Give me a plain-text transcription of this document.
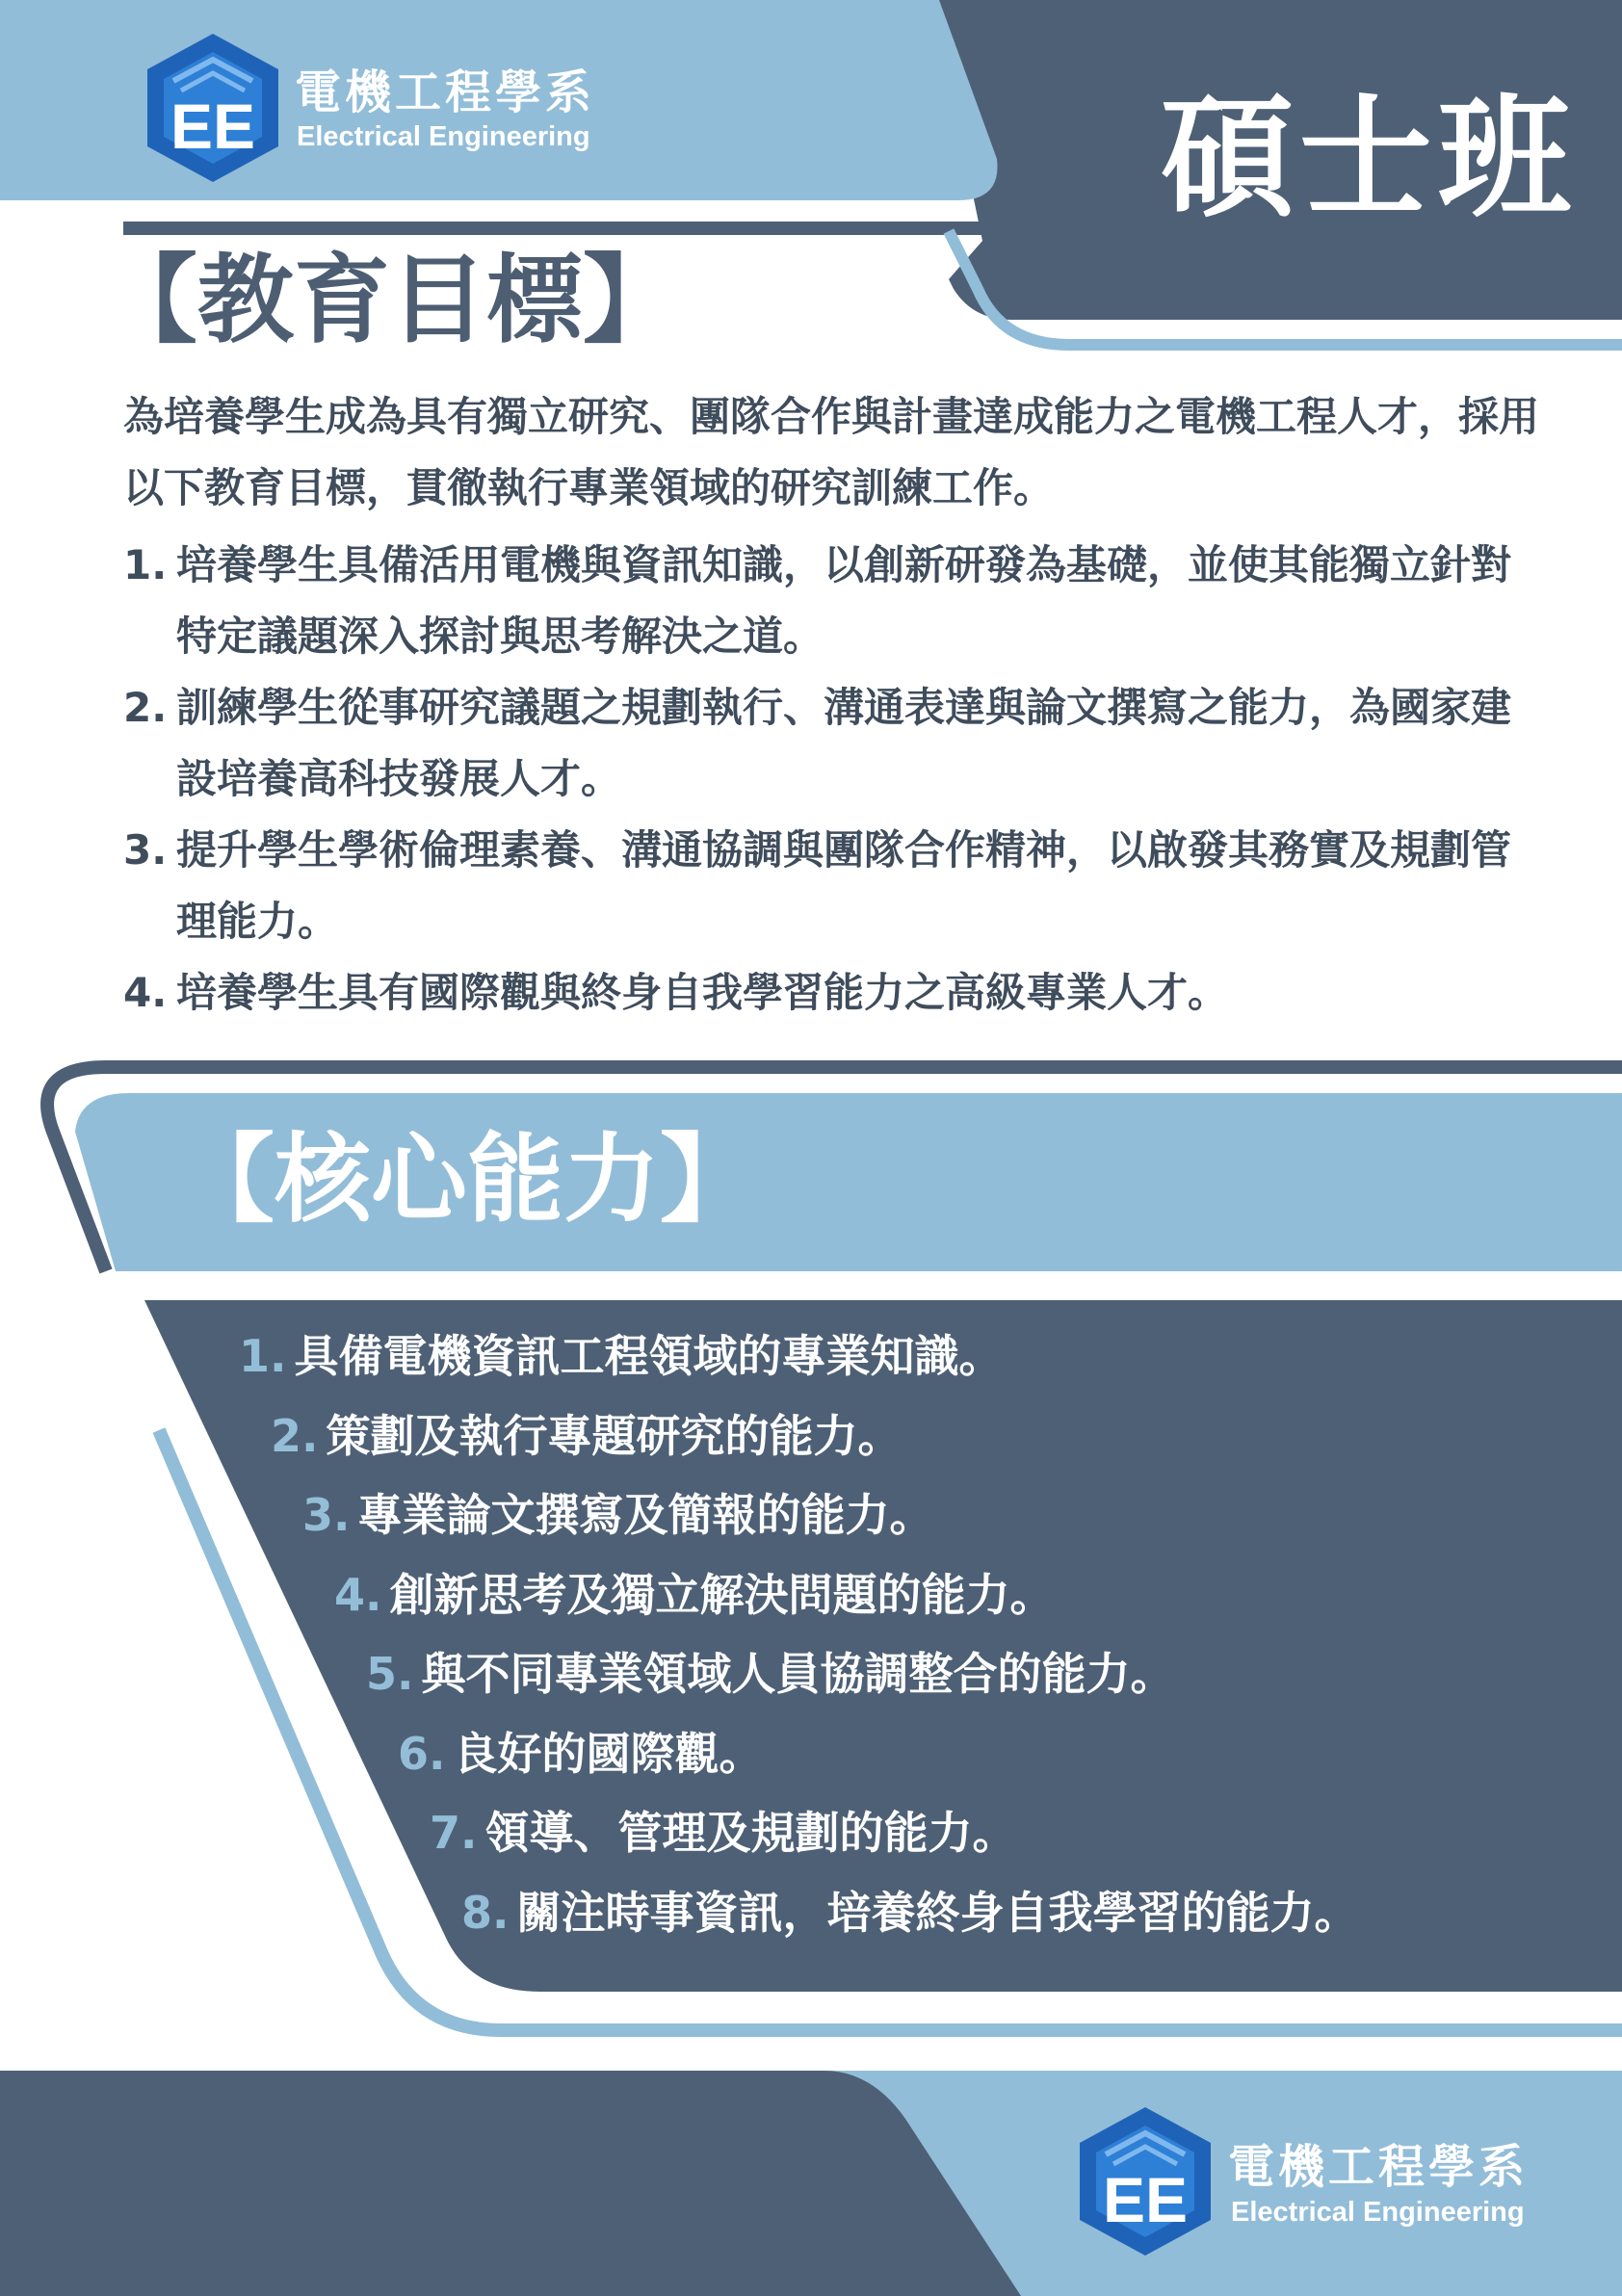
EE 電機工程學系
Electrical Engineering	碩士班
【教育目標】
為培養學生成為具有獨立研究、團隊合作與計畫達成能力之電機工程人才，採用以下教育目標，貫徹執行專業領域的研究訓練工作。
1. 培養學生具備活用電機與資訊知識，以創新研發為基礎，並使其能獨立針對特定議題深入探討與思考解決之道。
2. 訓練學生從事研究議題之規劃執行、溝通表達與論文撰寫之能力，為國家建設培養高科技發展人才。
3. 提升學生學術倫理素養、溝通協調與團隊合作精神，以啟發其務實及規劃管理能力。
4. 培養學生具有國際觀與終身自我學習能力之高級專業人才。
【核心能力】
1. 具備電機資訊工程領域的專業知識。
2. 策劃及執行專題研究的能力。
3. 專業論文撰寫及簡報的能力。
4. 創新思考及獨立解決問題的能力。
5. 與不同專業領域人員協調整合的能力。
6. 良好的國際觀。
7. 領導、管理及規劃的能力。
8. 關注時事資訊，培養終身自我學習的能力。
EE 電機工程學系
Electrical Engineering
